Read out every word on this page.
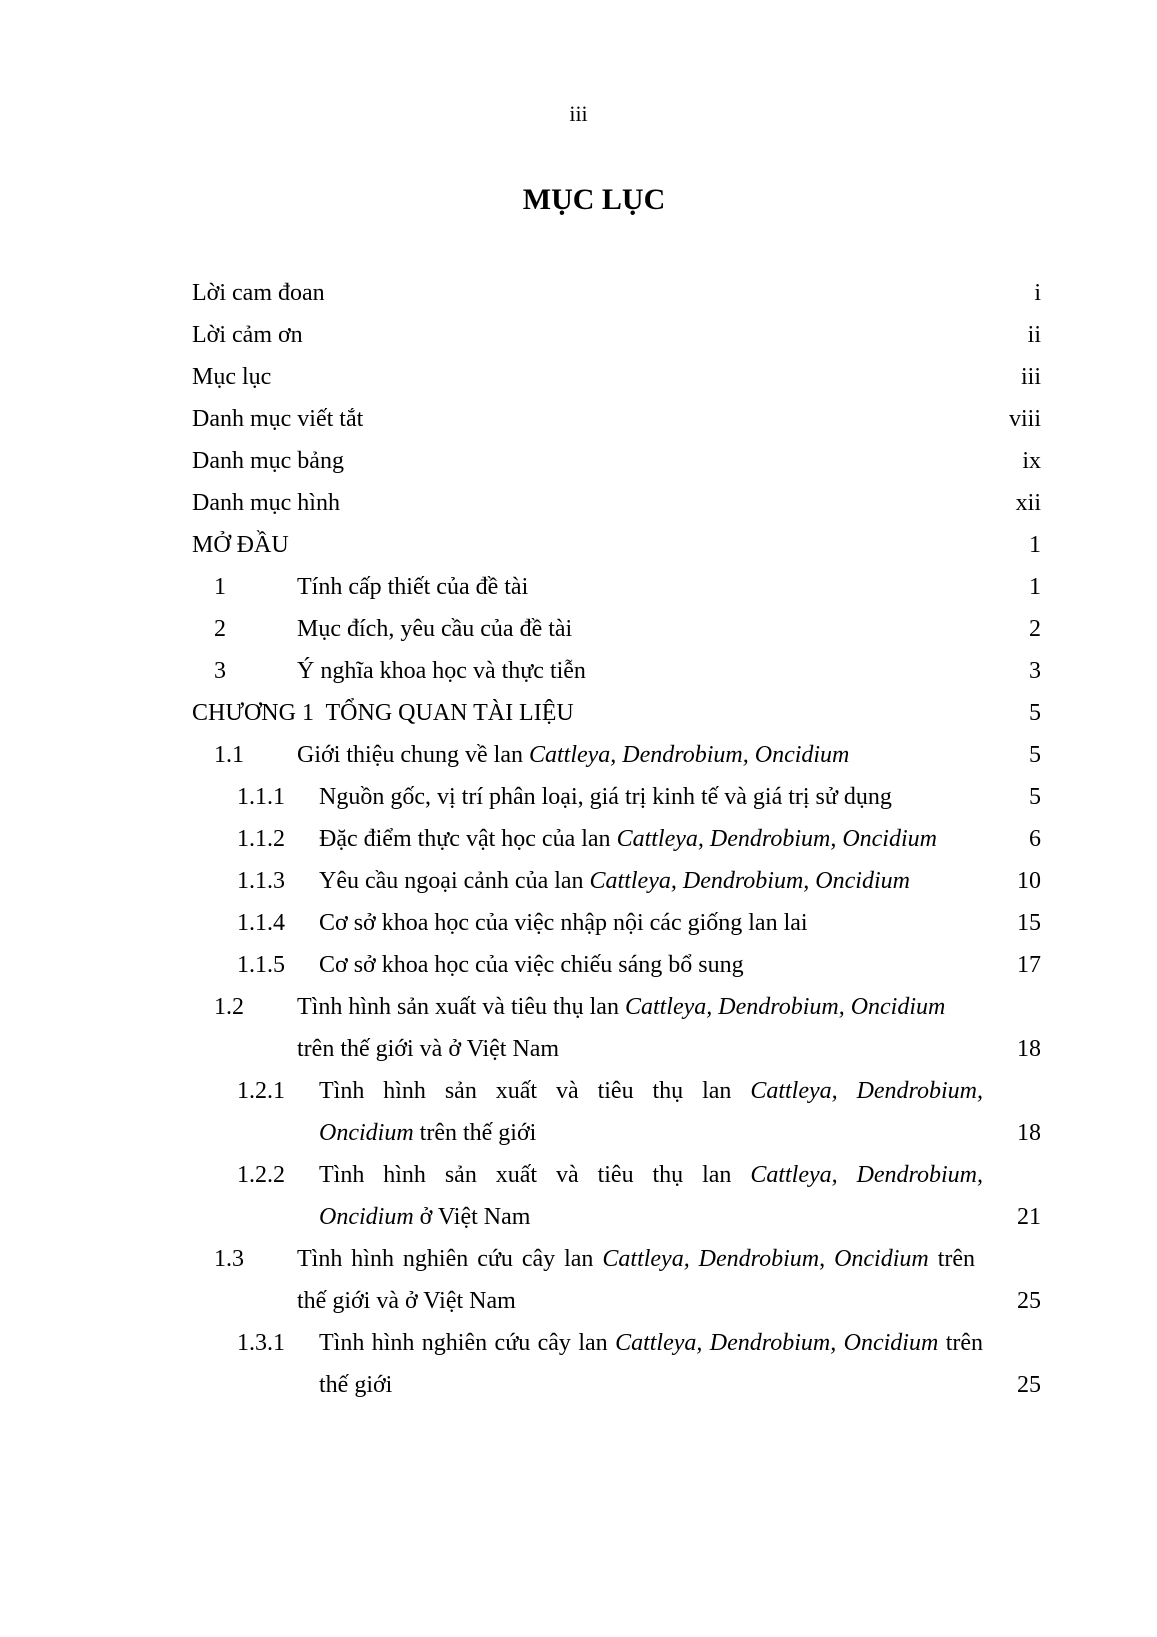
iii
MỤC LỤC
Lời cam đoan	i
Lời cảm ơn	ii
Mục lục	iii
Danh mục viết tắt	viii
Danh mục bảng	ix
Danh mục hình	xii
MỞ ĐẦU	1
1	Tính cấp thiết của đề tài	1
2	Mục đích, yêu cầu của đề tài	2
3	Ý nghĩa khoa học và thực tiễn	3
CHƯƠNG 1  TỔNG QUAN TÀI LIỆU	5
1.1 Giới thiệu chung về lan Cattleya, Dendrobium, Oncidium	5
1.1.1 Nguồn gốc, vị trí phân loại, giá trị kinh tế và giá trị sử dụng	5
1.1.2 Đặc điểm thực vật học của lan Cattleya, Dendrobium, Oncidium	6
1.1.3 Yêu cầu ngoại cảnh của lan Cattleya, Dendrobium, Oncidium	10
1.1.4 Cơ sở khoa học của việc nhập nội các giống lan lai	15
1.1.5 Cơ sở khoa học của việc chiếu sáng bổ sung	17
1.2 Tình hình sản xuất và tiêu thụ lan Cattleya, Dendrobium, Oncidium
trên thế giới và ở Việt Nam	18
1.2.1 Tình hình sản xuất và tiêu thụ lan Cattleya, Dendrobium,
Oncidium trên thế giới	18
1.2.2 Tình hình sản xuất và tiêu thụ lan Cattleya, Dendrobium,
Oncidium ở Việt Nam	21
1.3 Tình hình nghiên cứu cây lan Cattleya, Dendrobium, Oncidium trên
thế giới và ở Việt Nam	25
1.3.1 Tình hình nghiên cứu cây lan Cattleya, Dendrobium, Oncidium trên
thế giới	25
